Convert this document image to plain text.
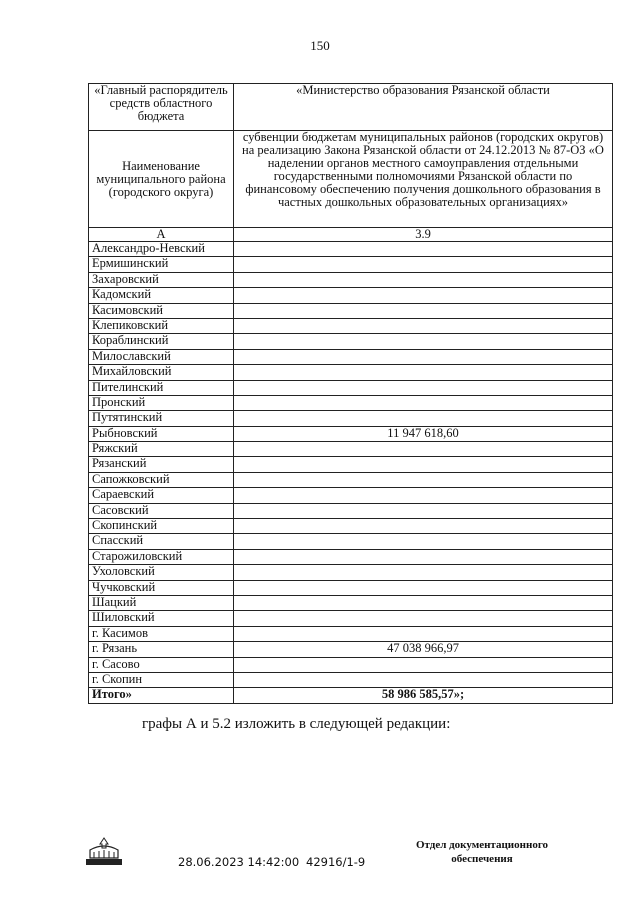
150
«Главный распорядитель средств областного бюджета	«Министерство образования Рязанской области
Наименование муниципального района (городского округа)	субвенции бюджетам муниципальных районов (городских округов) на реализацию Закона Рязанской области от 24.12.2013 № 87-ОЗ «О наделении органов местного самоуправления отдельными государственными полномочиями Рязанской области по финансовому обеспечению получения дошкольного образования в частных дошкольных образовательных организациях»
А	3.9
Александро-Невский	
Ермишинский	
Захаровский	
Кадомский	
Касимовский	
Клепиковский	
Кораблинский	
Милославский	
Михайловский	
Пителинский	
Пронский	
Путятинский	
Рыбновский	11 947 618,60
Ряжский	
Рязанский	
Сапожковский	
Сараевский	
Сасовский	
Скопинский	
Спасский	
Старожиловский	
Ухоловский	
Чучковский	
Шацкий	
Шиловский	
г. Касимов	
г. Рязань	47 038 966,97
г. Сасово	
г. Скопин	
Итого»	58 986 585,57»;
графы А и 5.2 изложить в следующей редакции:
28.06.2023 14:42:00 42916/1-9
Отдел документационного обеспечения
